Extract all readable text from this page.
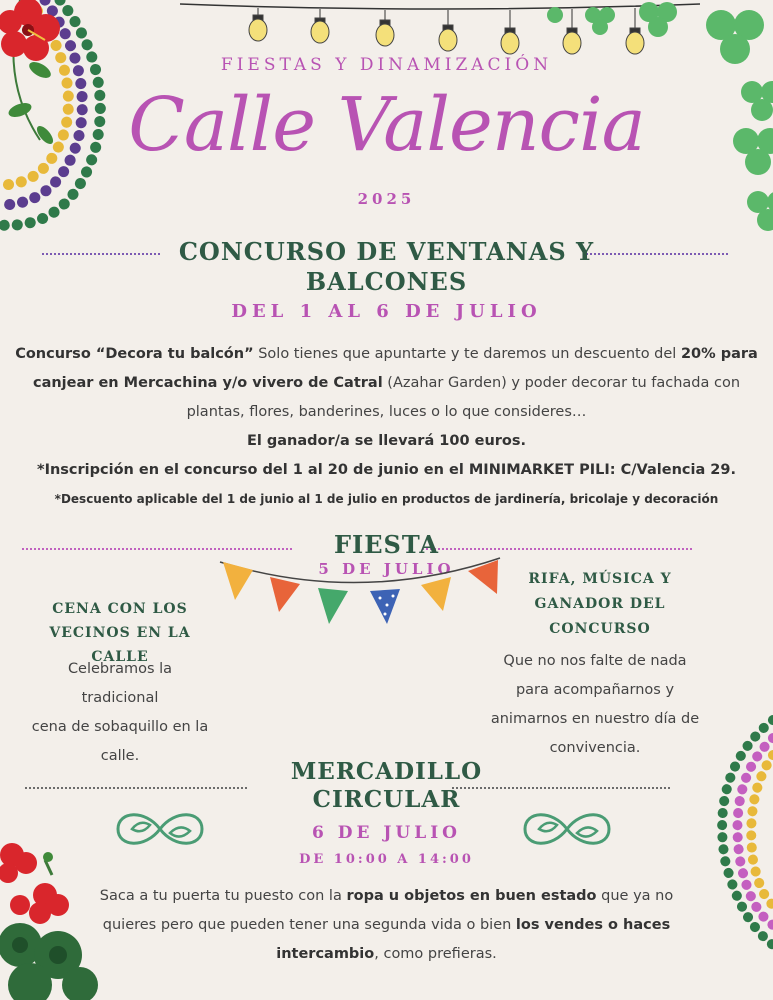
FIESTAS Y DINAMIZACIÓN
Calle Valencia
2025
CONCURSO DE VENTANAS Y
BALCONES
DEL 1 AL 6 DE JULIO
Concurso “Decora tu balcón” Solo tienes que apuntarte y te daremos un descuento del 20% para canjear en Mercachina y/o vivero de Catral (Azahar Garden) y poder decorar tu fachada con plantas, flores, banderines, luces o lo que consideres…
El ganador/a se llevará 100 euros.
*Inscripción en el concurso del 1 al 20 de junio en el MINIMARKET PILI: C/Valencia 29.
*Descuento aplicable del 1 de junio al 1 de julio en productos de jardinería, bricolaje y decoración
FIESTA
5 DE JULIO
CENA CON LOS
VECINOS EN LA CALLE
Celebramos la tradicional
cena de sobaquillo en la
calle.
RIFA, MÚSICA Y
GANADOR DEL
CONCURSO
Que no nos falte de nada
para acompañarnos y
animarnos en nuestro día de
convivencia.
MERCADILLO
CIRCULAR
6 DE JULIO
DE 10:00 A 14:00
Saca a tu puerta tu puesto con la ropa u objetos en buen estado que ya no quieres pero que pueden tener una segunda vida o bien los vendes o haces intercambio, como prefieras.
